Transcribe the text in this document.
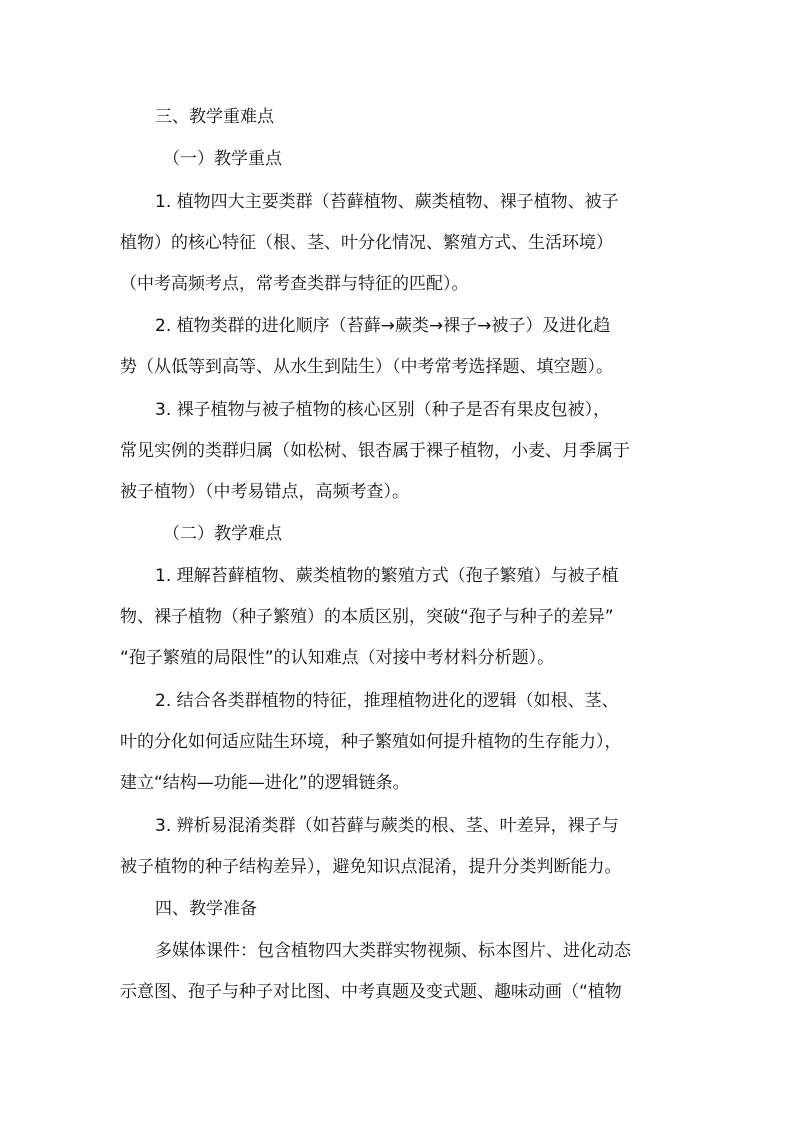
三、教学重难点
（一）教学重点
1. 植物四大主要类群（苔藓植物、蕨类植物、裸子植物、被子
植物）的核心特征（根、茎、叶分化情况、繁殖方式、生活环境）
（中考高频考点，常考查类群与特征的匹配）。
2. 植物类群的进化顺序（苔藓→蕨类→裸子→被子）及进化趋
势（从低等到高等、从水生到陆生）（中考常考选择题、填空题）。
3. 裸子植物与被子植物的核心区别（种子是否有果皮包被），
常见实例的类群归属（如松树、银杏属于裸子植物，小麦、月季属于
被子植物）（中考易错点，高频考查）。
（二）教学难点
1. 理解苔藓植物、蕨类植物的繁殖方式（孢子繁殖）与被子植
物、裸子植物（种子繁殖）的本质区别，突破“孢子与种子的差异”
“孢子繁殖的局限性”的认知难点（对接中考材料分析题）。
2. 结合各类群植物的特征，推理植物进化的逻辑（如根、茎、
叶的分化如何适应陆生环境，种子繁殖如何提升植物的生存能力），
建立“结构—功能—进化”的逻辑链条。
3. 辨析易混淆类群（如苔藓与蕨类的根、茎、叶差异，裸子与
被子植物的种子结构差异），避免知识点混淆，提升分类判断能力。
四、教学准备
多媒体课件：包含植物四大类群实物视频、标本图片、进化动态
示意图、孢子与种子对比图、中考真题及变式题、趣味动画（“植物
